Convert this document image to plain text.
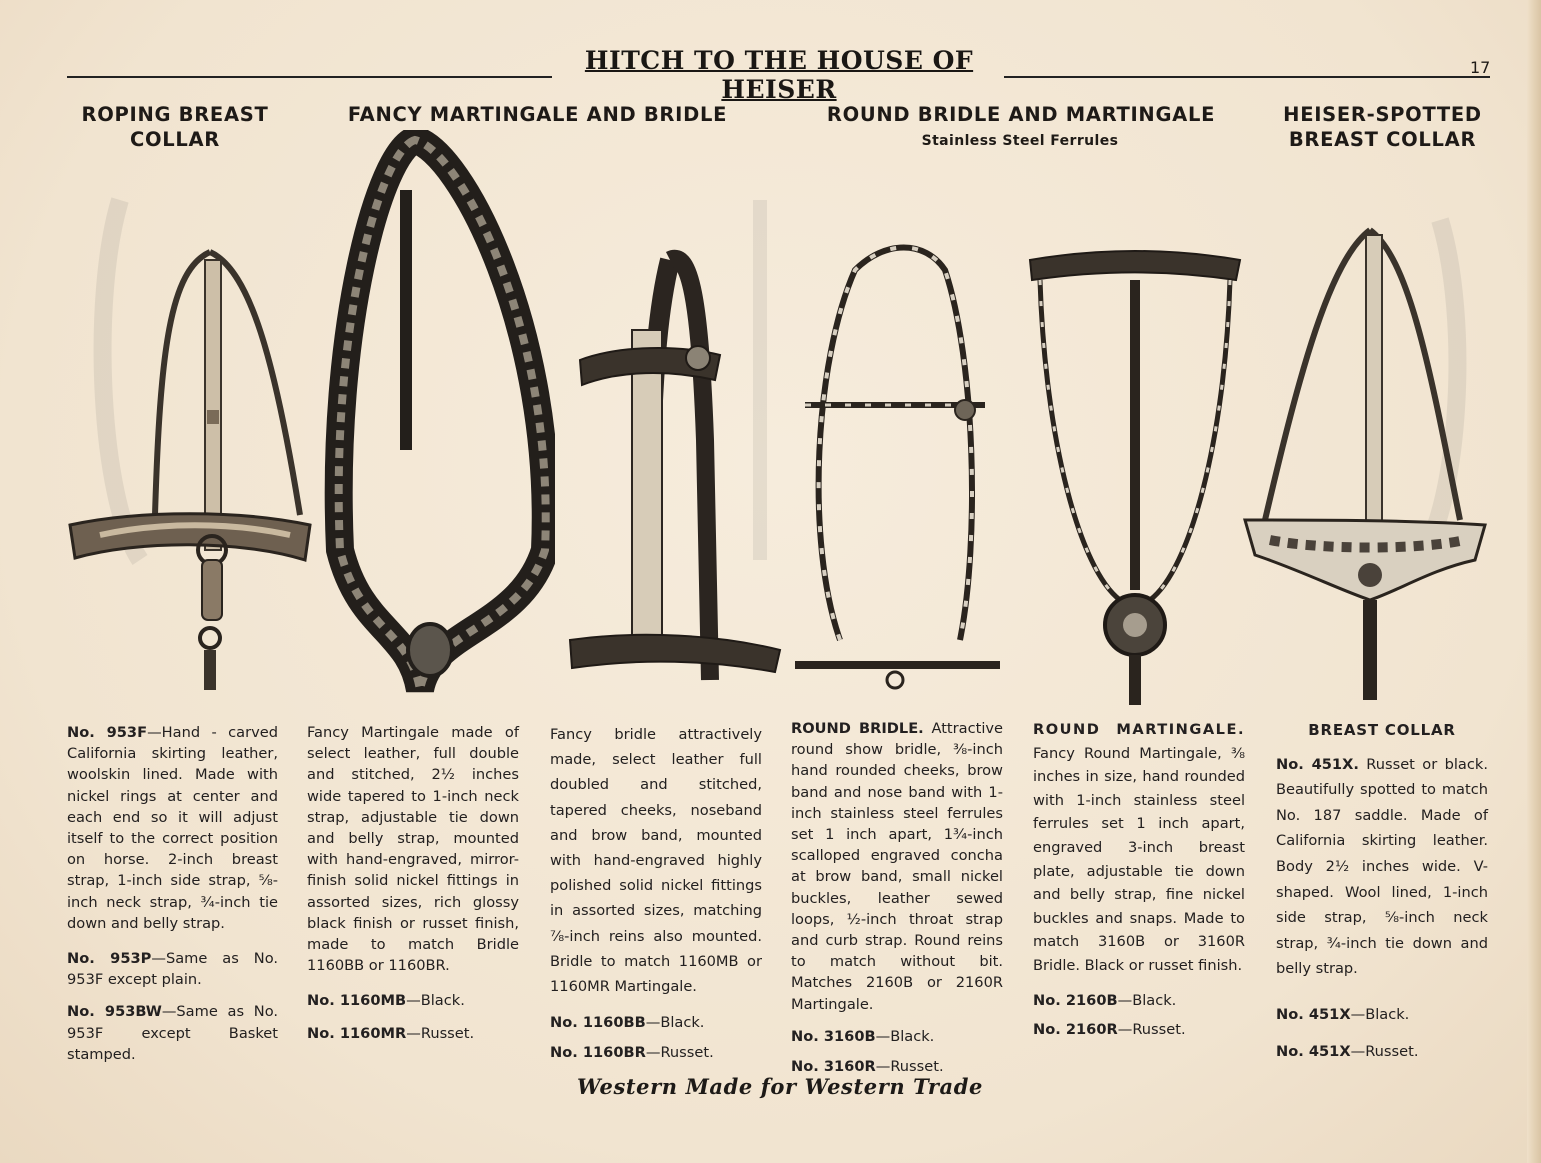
HITCH TO THE HOUSE OF HEISER
17
ROPING BREAST COLLAR
FANCY MARTINGALE AND BRIDLE	ROUND BRIDLE AND MARTINGALE
Stainless Steel Ferrules
HEISER-SPOTTED BREAST COLLAR

No. 953F—Hand - carved California skirting leather, woolskin lined. Made with nickel rings at center and each end so it will adjust itself to the correct position on horse. 2-inch breast strap, 1-inch side strap, ⅝-inch neck strap, ¾-inch tie down and belly strap.

No. 953P—Same as No. 953F except plain.

No. 953BW—Same as No. 953F except Basket stamped.

Fancy Martingale made of select leather, full double and stitched, 2½ inches wide tapered to 1-inch neck strap, adjustable tie down and belly strap, mounted with hand-engraved, mirror-finish solid nickel fittings in assorted sizes, rich glossy black finish or russet finish, made to match Bridle 1160BB or 1160BR.

No. 1160MB—Black.

No. 1160MR—Russet.

Fancy bridle attractively made, select leather full doubled and stitched, tapered cheeks, noseband and brow band, mounted with hand-engraved highly polished solid nickel fittings in assorted sizes, matching ⅞-inch reins also mounted. Bridle to match 1160MB or 1160MR Martingale.

No. 1160BB—Black.

No. 1160BR—Russet.

ROUND BRIDLE. Attractive round show bridle, ⅜-inch hand rounded cheeks, brow band and nose band with 1-inch stainless steel ferrules set 1 inch apart, 1¾-inch scalloped engraved concha at brow band, small nickel buckles, leather sewed loops, ½-inch throat strap and curb strap. Round reins to match without bit. Matches 2160B or 2160R Martingale.

No. 3160B—Black.

No. 3160R—Russet.

ROUND MARTINGALE. Fancy Round Martingale, ⅜ inches in size, hand rounded with 1-inch stainless steel ferrules set 1 inch apart, engraved 3-inch breast plate, adjustable tie down and belly strap, fine nickel buckles and snaps. Made to match 3160B or 3160R Bridle. Black or russet finish.

No. 2160B—Black.

No. 2160R—Russet.

BREAST COLLAR

No. 451X. Russet or black. Beautifully spotted to match No. 187 saddle. Made of California skirting leather. Body 2½ inches wide. V-shaped. Wool lined, 1-inch side strap, ⅝-inch neck strap, ¾-inch tie down and belly strap.

No. 451X—Black.

No. 451X—Russet.

Western Made for Western Trade
